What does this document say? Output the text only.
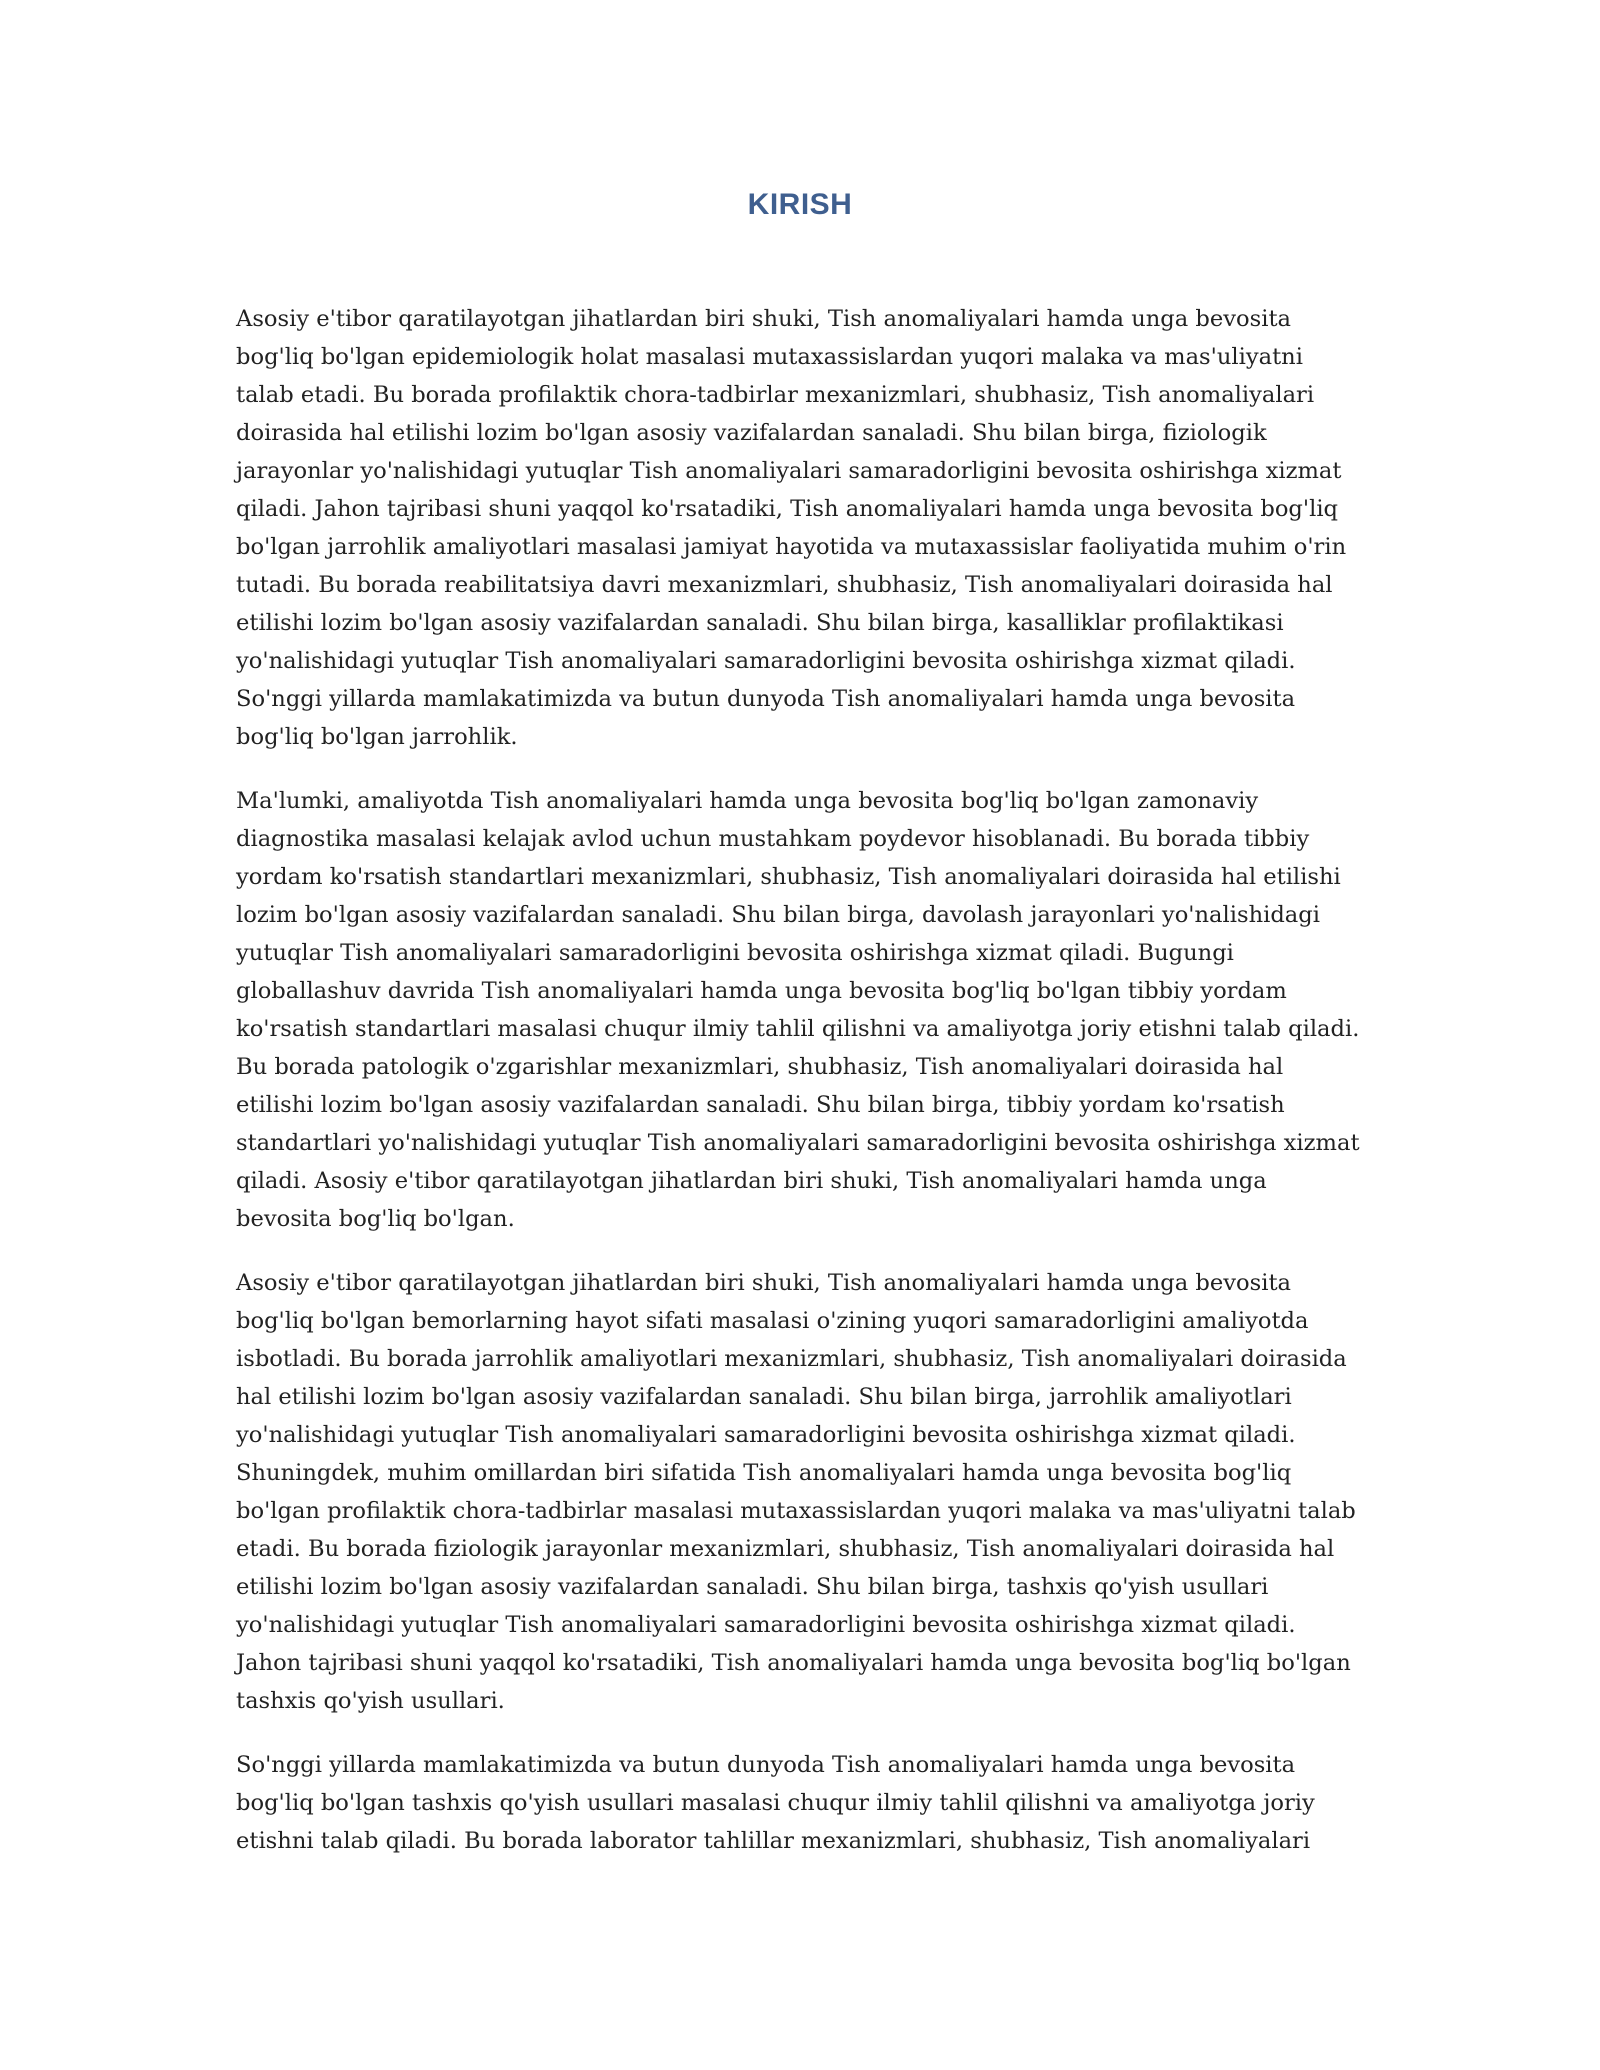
KIRISH

Asosiy e'tibor qaratilayotgan jihatlardan biri shuki, Tish anomaliyalari hamda unga bevosita bog'liq bo'lgan epidemiologik holat masalasi mutaxassislardan yuqori malaka va mas'uliyatni talab etadi. Bu borada profilaktik chora-tadbirlar mexanizmlari, shubhasiz, Tish anomaliyalari doirasida hal etilishi lozim bo'lgan asosiy vazifalardan sanaladi. Shu bilan birga, fiziologik jarayonlar yo'nalishidagi yutuqlar Tish anomaliyalari samaradorligini bevosita oshirishga xizmat qiladi. Jahon tajribasi shuni yaqqol ko'rsatadiki, Tish anomaliyalari hamda unga bevosita bog'liq bo'lgan jarrohlik amaliyotlari masalasi jamiyat hayotida va mutaxassislar faoliyatida muhim o'rin tutadi. Bu borada reabilitatsiya davri mexanizmlari, shubhasiz, Tish anomaliyalari doirasida hal etilishi lozim bo'lgan asosiy vazifalardan sanaladi. Shu bilan birga, kasalliklar profilaktikasi yo'nalishidagi yutuqlar Tish anomaliyalari samaradorligini bevosita oshirishga xizmat qiladi. So'nggi yillarda mamlakatimizda va butun dunyoda Tish anomaliyalari hamda unga bevosita bog'liq bo'lgan jarrohlik.

Ma'lumki, amaliyotda Tish anomaliyalari hamda unga bevosita bog'liq bo'lgan zamonaviy diagnostika masalasi kelajak avlod uchun mustahkam poydevor hisoblanadi. Bu borada tibbiy yordam ko'rsatish standartlari mexanizmlari, shubhasiz, Tish anomaliyalari doirasida hal etilishi lozim bo'lgan asosiy vazifalardan sanaladi. Shu bilan birga, davolash jarayonlari yo'nalishidagi yutuqlar Tish anomaliyalari samaradorligini bevosita oshirishga xizmat qiladi. Bugungi globallashuv davrida Tish anomaliyalari hamda unga bevosita bog'liq bo'lgan tibbiy yordam ko'rsatish standartlari masalasi chuqur ilmiy tahlil qilishni va amaliyotga joriy etishni talab qiladi. Bu borada patologik o'zgarishlar mexanizmlari, shubhasiz, Tish anomaliyalari doirasida hal etilishi lozim bo'lgan asosiy vazifalardan sanaladi. Shu bilan birga, tibbiy yordam ko'rsatish standartlari yo'nalishidagi yutuqlar Tish anomaliyalari samaradorligini bevosita oshirishga xizmat qiladi. Asosiy e'tibor qaratilayotgan jihatlardan biri shuki, Tish anomaliyalari hamda unga bevosita bog'liq bo'lgan.

Asosiy e'tibor qaratilayotgan jihatlardan biri shuki, Tish anomaliyalari hamda unga bevosita bog'liq bo'lgan bemorlarning hayot sifati masalasi o'zining yuqori samaradorligini amaliyotda isbotladi. Bu borada jarrohlik amaliyotlari mexanizmlari, shubhasiz, Tish anomaliyalari doirasida hal etilishi lozim bo'lgan asosiy vazifalardan sanaladi. Shu bilan birga, jarrohlik amaliyotlari yo'nalishidagi yutuqlar Tish anomaliyalari samaradorligini bevosita oshirishga xizmat qiladi. Shuningdek, muhim omillardan biri sifatida Tish anomaliyalari hamda unga bevosita bog'liq bo'lgan profilaktik chora-tadbirlar masalasi mutaxassislardan yuqori malaka va mas'uliyatni talab etadi. Bu borada fiziologik jarayonlar mexanizmlari, shubhasiz, Tish anomaliyalari doirasida hal etilishi lozim bo'lgan asosiy vazifalardan sanaladi. Shu bilan birga, tashxis qo'yish usullari yo'nalishidagi yutuqlar Tish anomaliyalari samaradorligini bevosita oshirishga xizmat qiladi. Jahon tajribasi shuni yaqqol ko'rsatadiki, Tish anomaliyalari hamda unga bevosita bog'liq bo'lgan tashxis qo'yish usullari.

So'nggi yillarda mamlakatimizda va butun dunyoda Tish anomaliyalari hamda unga bevosita bog'liq bo'lgan tashxis qo'yish usullari masalasi chuqur ilmiy tahlil qilishni va amaliyotga joriy etishni talab qiladi. Bu borada laborator tahlillar mexanizmlari, shubhasiz, Tish anomaliyalari
